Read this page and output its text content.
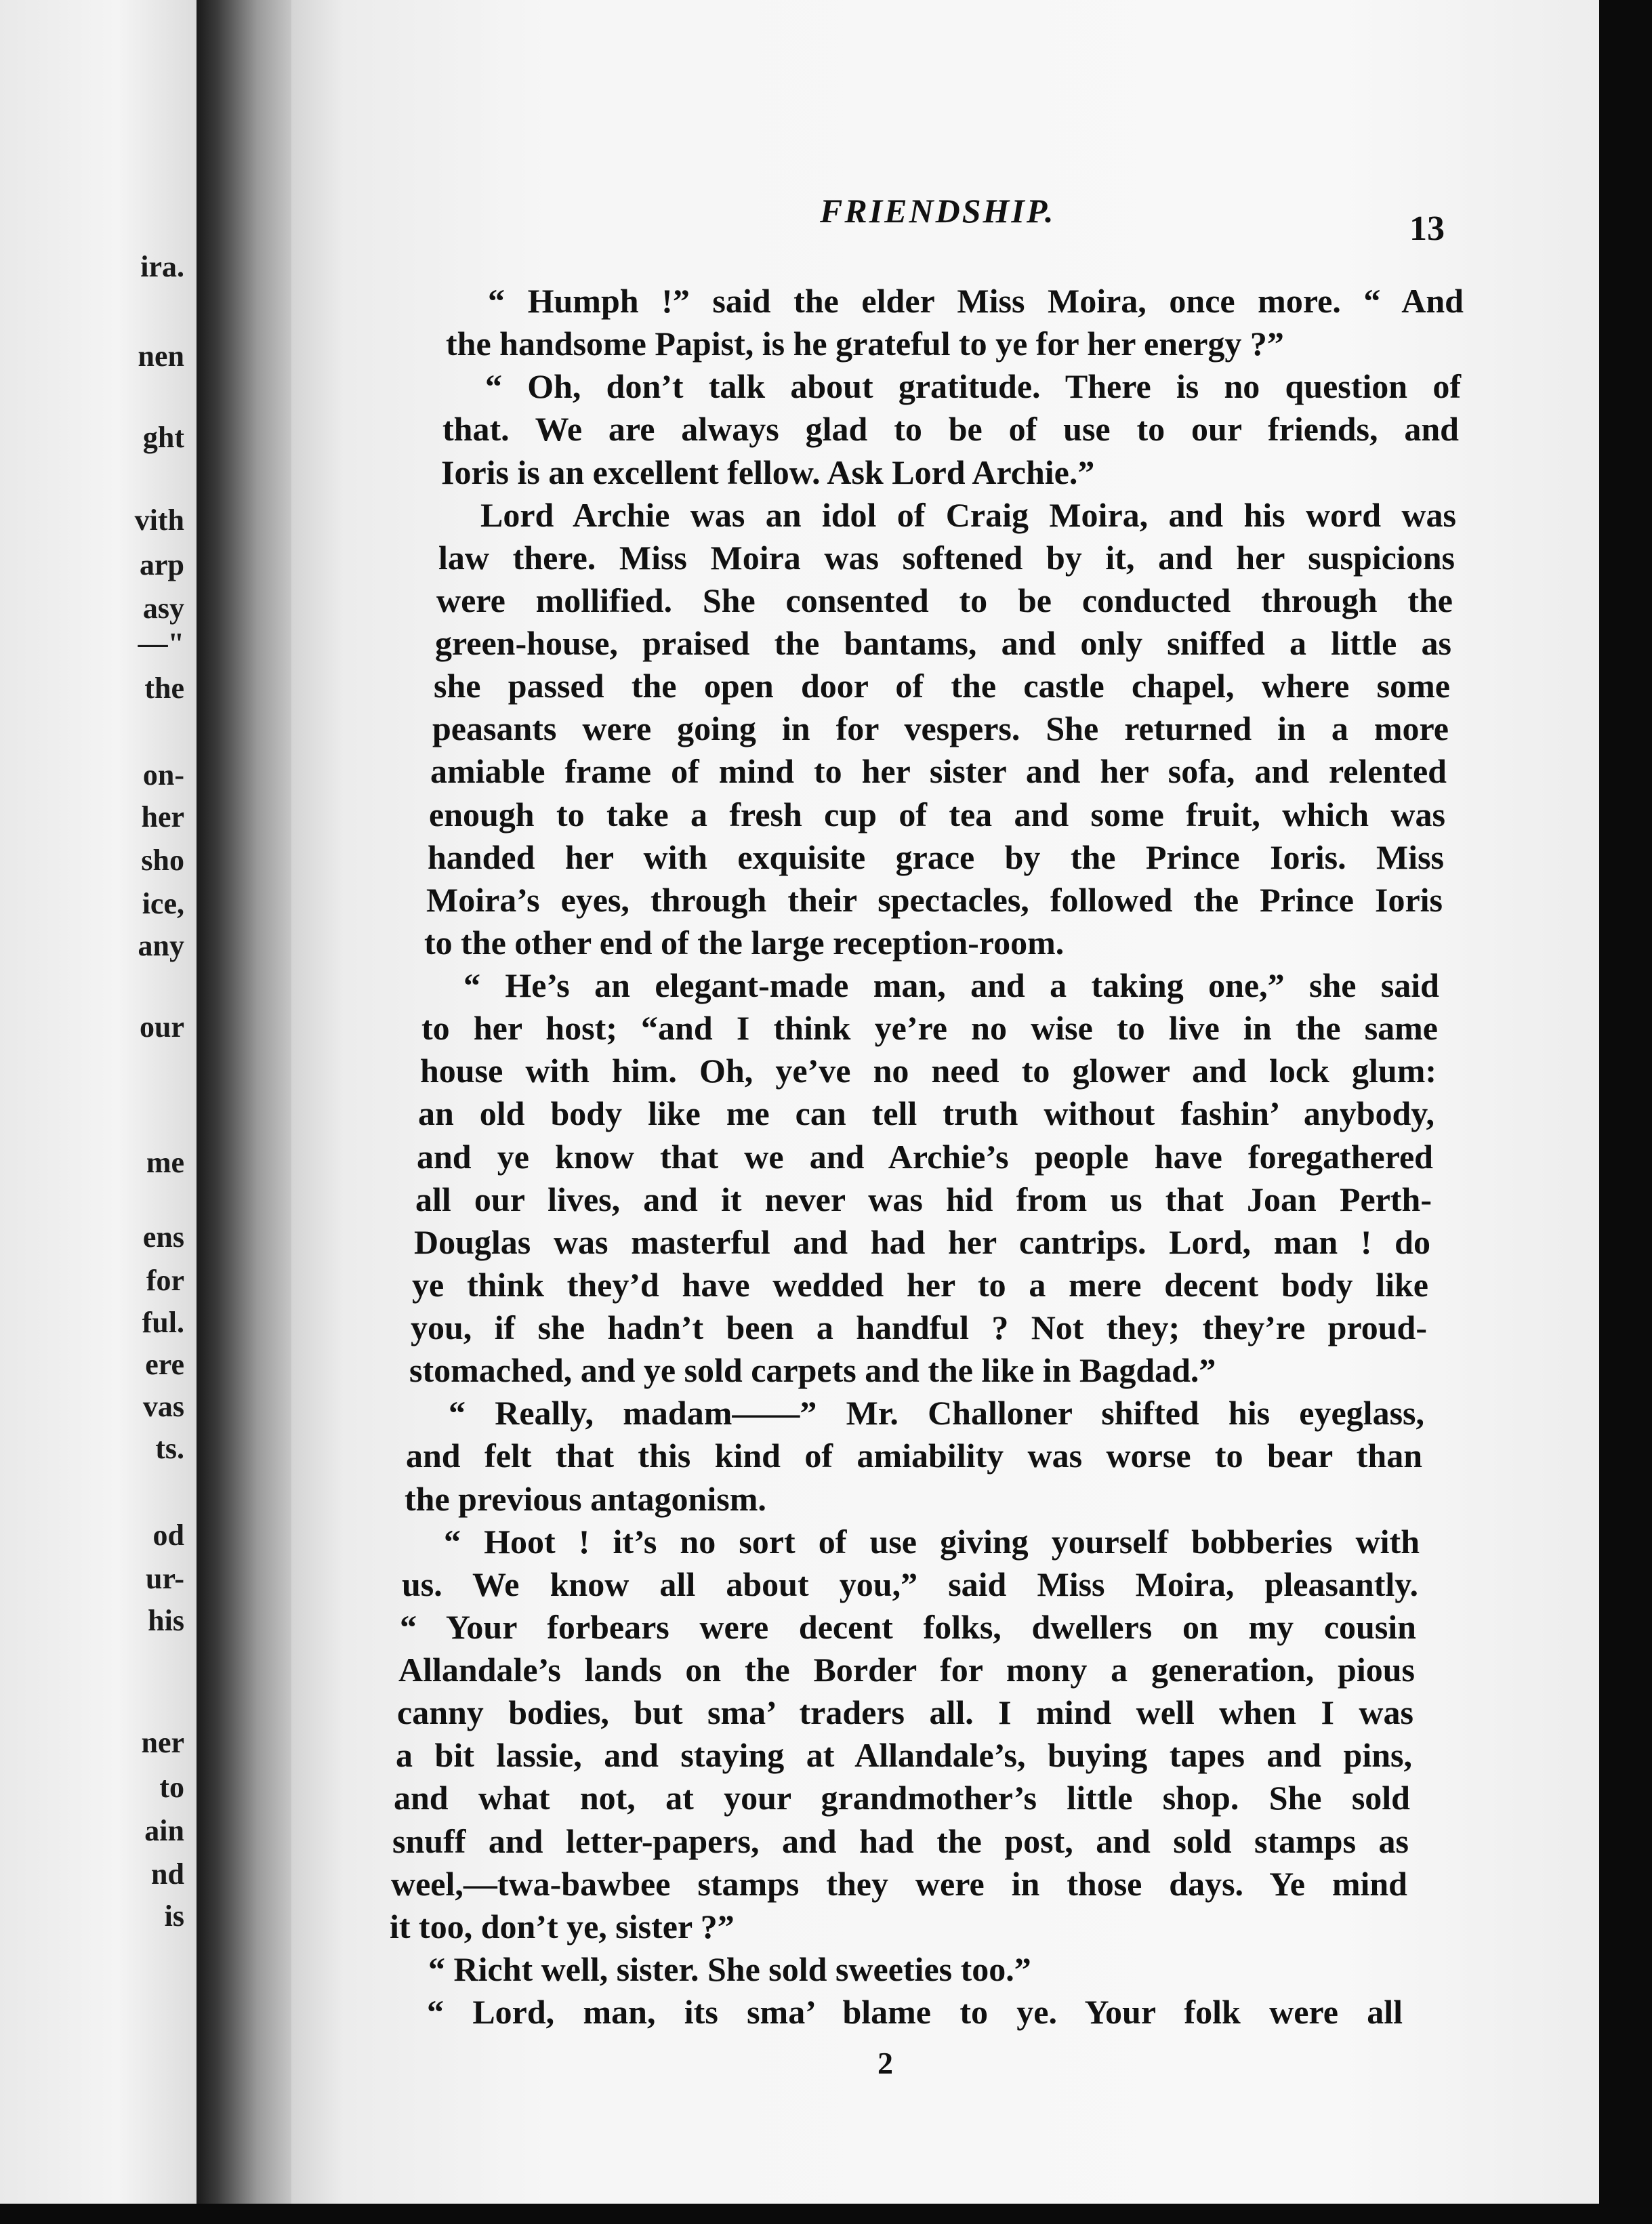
ira.
nen
ght
vith
arp
asy
—"
the
on-
her
sho
ice,
any
our
me
ens
for
ful.
ere
vas
ts.
od
ur-
his
ner
to
ain
nd
is
FRIENDSHIP.	13
“ Humph !” said the elder Miss Moira, once more. “ And
the handsome Papist, is he grateful to ye for her energy ?”
“ Oh, don’t talk about gratitude. There is no question of
that. We are always glad to be of use to our friends, and
Ioris is an excellent fellow. Ask Lord Archie.”
Lord Archie was an idol of Craig Moira, and his word was
law there. Miss Moira was softened by it, and her suspicions
were mollified. She consented to be conducted through the
green-house, praised the bantams, and only sniffed a little as
she passed the open door of the castle chapel, where some
peasants were going in for vespers. She returned in a more
amiable frame of mind to her sister and her sofa, and relented
enough to take a fresh cup of tea and some fruit, which was
handed her with exquisite grace by the Prince Ioris. Miss
Moira’s eyes, through their spectacles, followed the Prince Ioris
to the other end of the large reception-room.
“ He’s an elegant-made man, and a taking one,” she said
to her host; “and I think ye’re no wise to live in the same
house with him. Oh, ye’ve no need to glower and lock glum:
an old body like me can tell truth without fashin’ anybody,
and ye know that we and Archie’s people have foregathered
all our lives, and it never was hid from us that Joan Perth-
Douglas was masterful and had her cantrips. Lord, man ! do
ye think they’d have wedded her to a mere decent body like
you, if she hadn’t been a handful ? Not they; they’re proud-
stomached, and ye sold carpets and the like in Bagdad.”
“ Really, madam——” Mr. Challoner shifted his eyeglass,
and felt that this kind of amiability was worse to bear than
the previous antagonism.
“ Hoot ! it’s no sort of use giving yourself bobberies with
us. We know all about you,” said Miss Moira, pleasantly.
“ Your forbears were decent folks, dwellers on my cousin
Allandale’s lands on the Border for mony a generation, pious
canny bodies, but sma’ traders all. I mind well when I was
a bit lassie, and staying at Allandale’s, buying tapes and pins,
and what not, at your grandmother’s little shop. She sold
snuff and letter-papers, and had the post, and sold stamps as
weel,—twa-bawbee stamps they were in those days. Ye mind
it too, don’t ye, sister ?”
“ Richt well, sister. She sold sweeties too.”
“ Lord, man, its sma’ blame to ye. Your folk were all
2
